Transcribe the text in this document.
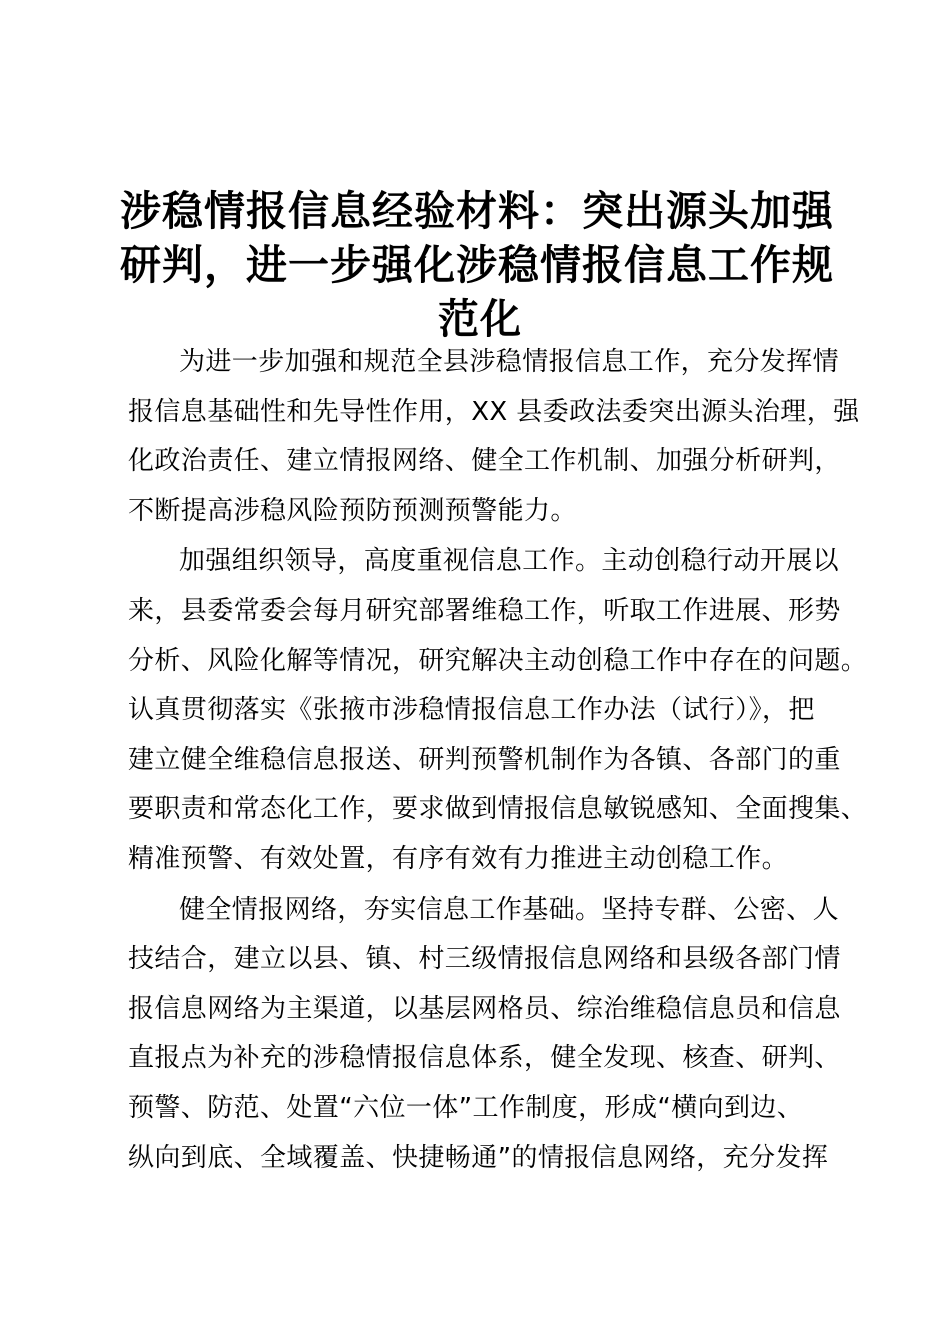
涉稳情报信息经验材料：突出源头加强
研判，进一步强化涉稳情报信息工作规
范化

为进一步加强和规范全县涉稳情报信息工作，充分发挥情
报信息基础性和先导性作用，XX 县委政法委突出源头治理，强
化政治责任、建立情报网络、健全工作机制、加强分析研判，
不断提高涉稳风险预防预测预警能力。

加强组织领导，高度重视信息工作。主动创稳行动开展以
来，县委常委会每月研究部署维稳工作，听取工作进展、形势
分析、风险化解等情况，研究解决主动创稳工作中存在的问题。
认真贯彻落实《张掖市涉稳情报信息工作办法（试行）》，把
建立健全维稳信息报送、研判预警机制作为各镇、各部门的重
要职责和常态化工作，要求做到情报信息敏锐感知、全面搜集、
精准预警、有效处置，有序有效有力推进主动创稳工作。

健全情报网络，夯实信息工作基础。坚持专群、公密、人
技结合，建立以县、镇、村三级情报信息网络和县级各部门情
报信息网络为主渠道，以基层网格员、综治维稳信息员和信息
直报点为补充的涉稳情报信息体系，健全发现、核查、研判、
预警、防范、处置“六位一体”工作制度，形成“横向到边、
纵向到底、全域覆盖、快捷畅通”的情报信息网络，充分发挥
